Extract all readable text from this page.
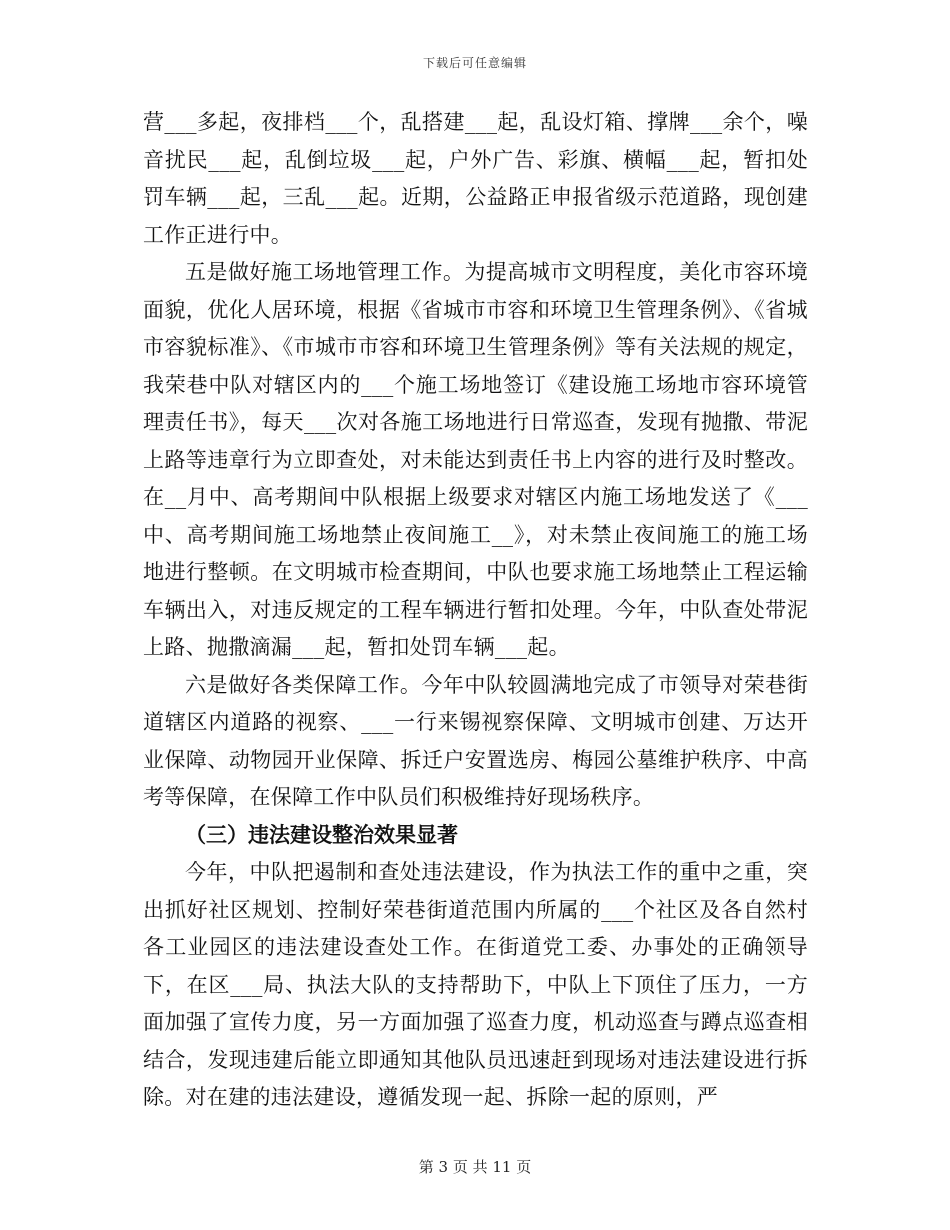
下载后可任意编辑

营___多起，夜排档___个，乱搭建___起，乱设灯箱、撑牌___余个，噪音扰民___起，乱倒垃圾___起，户外广告、彩旗、横幅___起，暂扣处罚车辆___起，三乱___起。近期，公益路正申报省级示范道路，现创建工作正进行中。

五是做好施工场地管理工作。为提高城市文明程度，美化市容环境面貌，优化人居环境，根据《省城市市容和环境卫生管理条例》、《省城市容貌标准》、《市城市市容和环境卫生管理条例》等有关法规的规定，我荣巷中队对辖区内的___个施工场地签订《建设施工场地市容环境管理责任书》，每天___次对各施工场地进行日常巡查，发现有抛撒、带泥上路等违章行为立即查处，对未能达到责任书上内容的进行及时整改。在__月中、高考期间中队根据上级要求对辖区内施工场地发送了《___中、高考期间施工场地禁止夜间施工__》，对未禁止夜间施工的施工场地进行整顿。在文明城市检查期间，中队也要求施工场地禁止工程运输车辆出入，对违反规定的工程车辆进行暂扣处理。今年，中队查处带泥上路、抛撒滴漏___起，暂扣处罚车辆___起。

六是做好各类保障工作。今年中队较圆满地完成了市领导对荣巷街道辖区内道路的视察、___一行来锡视察保障、文明城市创建、万达开业保障、动物园开业保障、拆迁户安置选房、梅园公墓维护秩序、中高考等保障，在保障工作中队员们积极维持好现场秩序。

（三）违法建设整治效果显著

今年，中队把遏制和查处违法建设，作为执法工作的重中之重，突出抓好社区规划、控制好荣巷街道范围内所属的___个社区及各自然村各工业园区的违法建设查处工作。在街道党工委、办事处的正确领导下，在区___局、执法大队的支持帮助下，中队上下顶住了压力，一方面加强了宣传力度，另一方面加强了巡查力度，机动巡查与蹲点巡查相结合，发现违建后能立即通知其他队员迅速赶到现场对违法建设进行拆除。对在建的违法建设，遵循发现一起、拆除一起的原则，严

第 3 页 共 11 页
